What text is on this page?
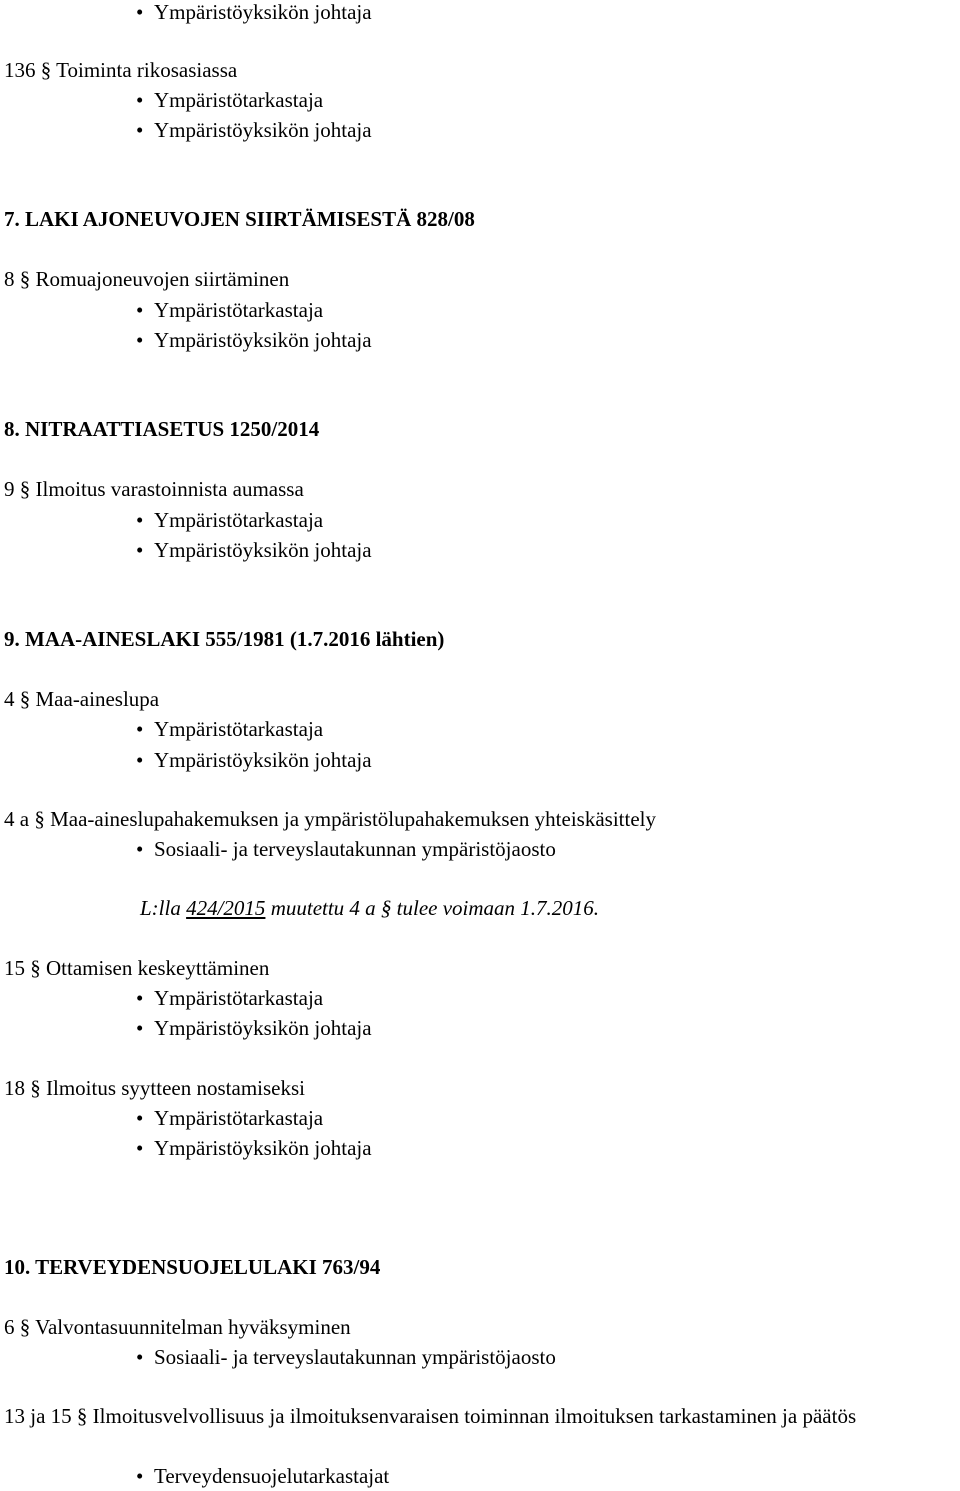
• Ympäristöyksikön johtaja
136 § Toiminta rikosasiassa
• Ympäristötarkastaja
• Ympäristöyksikön johtaja
7. LAKI AJONEUVOJEN SIIRTÄMISESTÄ 828/08
8 § Romuajoneuvojen siirtäminen
• Ympäristötarkastaja
• Ympäristöyksikön johtaja
8. NITRAATTIASETUS 1250/2014
9 § Ilmoitus varastoinnista aumassa
• Ympäristötarkastaja
• Ympäristöyksikön johtaja
9. MAA-AINESLAKI 555/1981 (1.7.2016 lähtien)
4 § Maa-aineslupa
• Ympäristötarkastaja
• Ympäristöyksikön johtaja
4 a § Maa-aineslupahakemuksen ja ympäristölupahakemuksen yhteiskäsittely
• Sosiaali- ja terveyslautakunnan ympäristöjaosto
L:lla 424/2015 muutettu 4 a § tulee voimaan 1.7.2016.
15 § Ottamisen keskeyttäminen
• Ympäristötarkastaja
• Ympäristöyksikön johtaja
18 § Ilmoitus syytteen nostamiseksi
• Ympäristötarkastaja
• Ympäristöyksikön johtaja
10. TERVEYDENSUOJELULAKI 763/94
6 § Valvontasuunnitelman hyväksyminen
• Sosiaali- ja terveyslautakunnan ympäristöjaosto
13 ja 15 § Ilmoitusvelvollisuus ja ilmoituksenvaraisen toiminnan ilmoituksen tarkastaminen ja päätös
• Terveydensuojelutarkastajat
